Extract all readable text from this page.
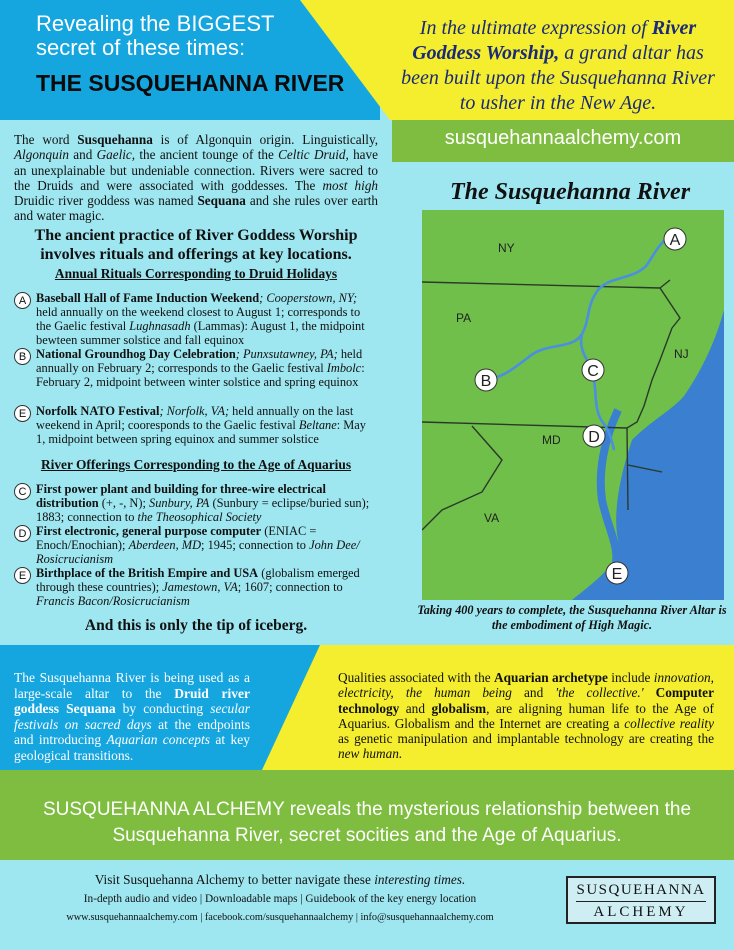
Revealing the BIGGEST secret of these times:
THE SUSQUEHANNA RIVER
In the ultimate expression of River Goddess Worship, a grand altar has been built upon the Susquehanna River to usher in the New Age.
susquehannaalchemy.com
The word Susquehanna is of Algonquin origin. Linguistically, Algonquin and Gaelic, the ancient tounge of the Celtic Druid, have an unexplainable but undeniable connection. Rivers were sacred to the Druids and were associated with goddesses. The most high Druidic river goddess was named Sequana and she rules over earth and water magic.
The ancient practice of River Goddess Worship involves rituals and offerings at key locations.
Annual Rituals Corresponding to Druid Holidays
A Baseball Hall of Fame Induction Weekend; Cooperstown, NY; held annually on the weekend closest to August 1; corresponds to the Gaelic festival Lughnasadh (Lammas): August 1, the midpoint bewteen summer solstice and fall equinox
B National Groundhog Day Celebration; Punxsutawney, PA; held annually on February 2; corresponds to the Gaelic festival Imbolc: February 2, midpoint between winter solstice and spring equinox
E Norfolk NATO Festival; Norfolk, VA; held annually on the last weekend in April; cooresponds to the Gaelic festival Beltane: May 1, midpoint between spring equinox and summer solstice
River Offerings Corresponding to the Age of Aquarius
C First power plant and building for three-wire electrical distribution (+, -, N); Sunbury, PA (Sunbury = eclipse/buried sun); 1883; connection to the Theosophical Society
D First electronic, general purpose computer (ENIAC = Enoch/Enochian); Aberdeen, MD; 1945; connection to John Dee/ Rosicrucianism
E Birthplace of the British Empire and USA (globalism emerged through these countries); Jamestown, VA; 1607; connection to Francis Bacon/Rosicrucianism
And this is only the tip of iceberg.
The Susquehanna River
NY
PA
NJ
MD
VA
A
B
C
D
E
Taking 400 years to complete, the Susquehanna River Altar is the embodiment of High Magic.
The Susquehanna River is being used as a large-scale altar to the Druid river goddess Sequana by conducting secular festivals on sacred days at the endpoints and introducing Aquarian concepts at key geological transitions.
Qualities associated with the Aquarian archetype include innovation, electricity, the human being and 'the collective.' Computer technology and globalism, are aligning human life to the Age of Aquarius. Globalism and the Internet are creating a collective reality as genetic manipulation and implantable technology are creating the new human.
SUSQUEHANNA ALCHEMY reveals the mysterious relationship between the Susquehanna River, secret socities and the Age of Aquarius.
Visit Susquehanna Alchemy to better navigate these interesting times.
In-depth audio and video | Downloadable maps | Guidebook of the key energy location
www.susquehannaalchemy.com | facebook.com/susquehannaalchemy | info@susquehannaalchemy.com
SUSQUEHANNA
ALCHEMY
